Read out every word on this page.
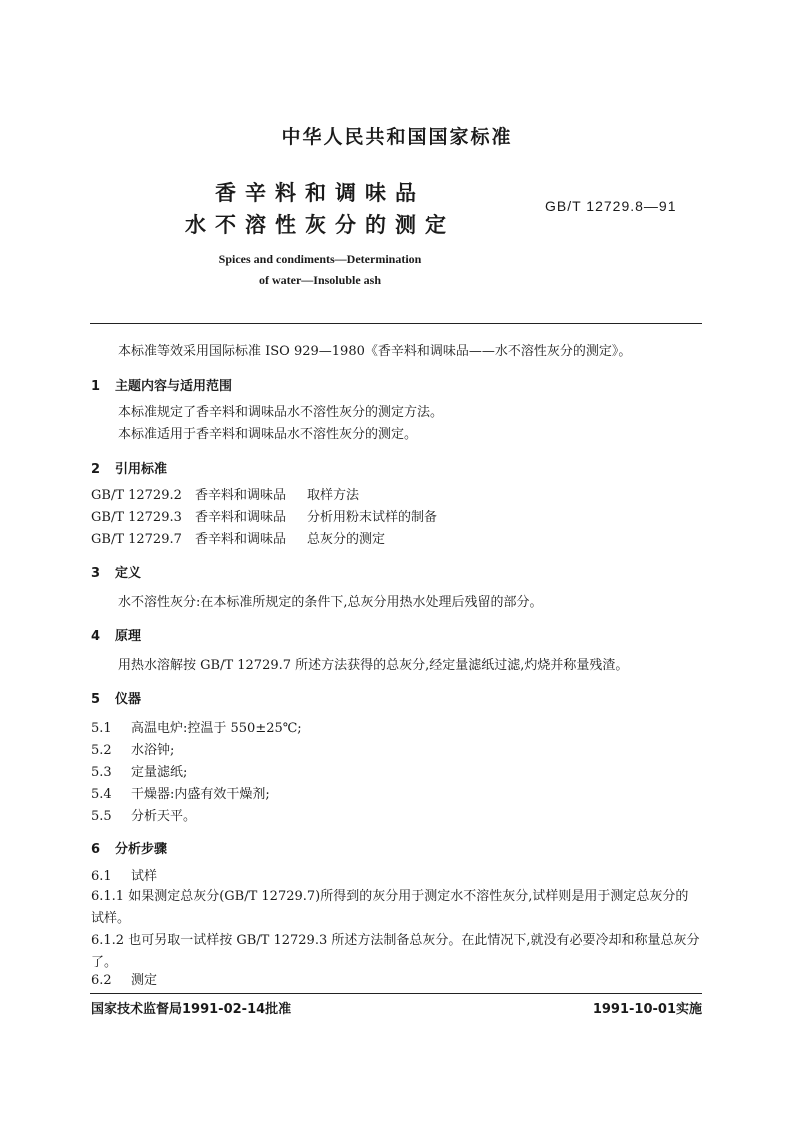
中华人民共和国国家标准
香辛料和调味品
水不溶性灰分的测定
GB/T 12729.8—91
Spices and condiments—Determination
of water—Insoluble ash
本标准等效采用国际标准 ISO 929—1980《香辛料和调味品——水不溶性灰分的测定》。
1 主题内容与适用范围
本标准规定了香辛料和调味品水不溶性灰分的测定方法。
本标准适用于香辛料和调味品水不溶性灰分的测定。
2 引用标准
GB/T 12729.2 香辛料和调味品 取样方法
GB/T 12729.3 香辛料和调味品 分析用粉末试样的制备
GB/T 12729.7 香辛料和调味品 总灰分的测定
3 定义
水不溶性灰分:在本标准所规定的条件下,总灰分用热水处理后残留的部分。
4 原理
用热水溶解按 GB/T 12729.7 所述方法获得的总灰分,经定量滤纸过滤,灼烧并称量残渣。
5 仪器
5.1 高温电炉:控温于 550±25℃;
5.2 水浴钟;
5.3 定量滤纸;
5.4 干燥器:内盛有效干燥剂;
5.5 分析天平。
6 分析步骤
6.1 试样
6.1.1 如果测定总灰分(GB/T 12729.7)所得到的灰分用于测定水不溶性灰分,试样则是用于测定总灰分的试样。
6.1.2 也可另取一试样按 GB/T 12729.3 所述方法制备总灰分。在此情况下,就没有必要冷却和称量总灰分了。
6.2 测定
国家技术监督局1991-02-14批准	1991-10-01实施
